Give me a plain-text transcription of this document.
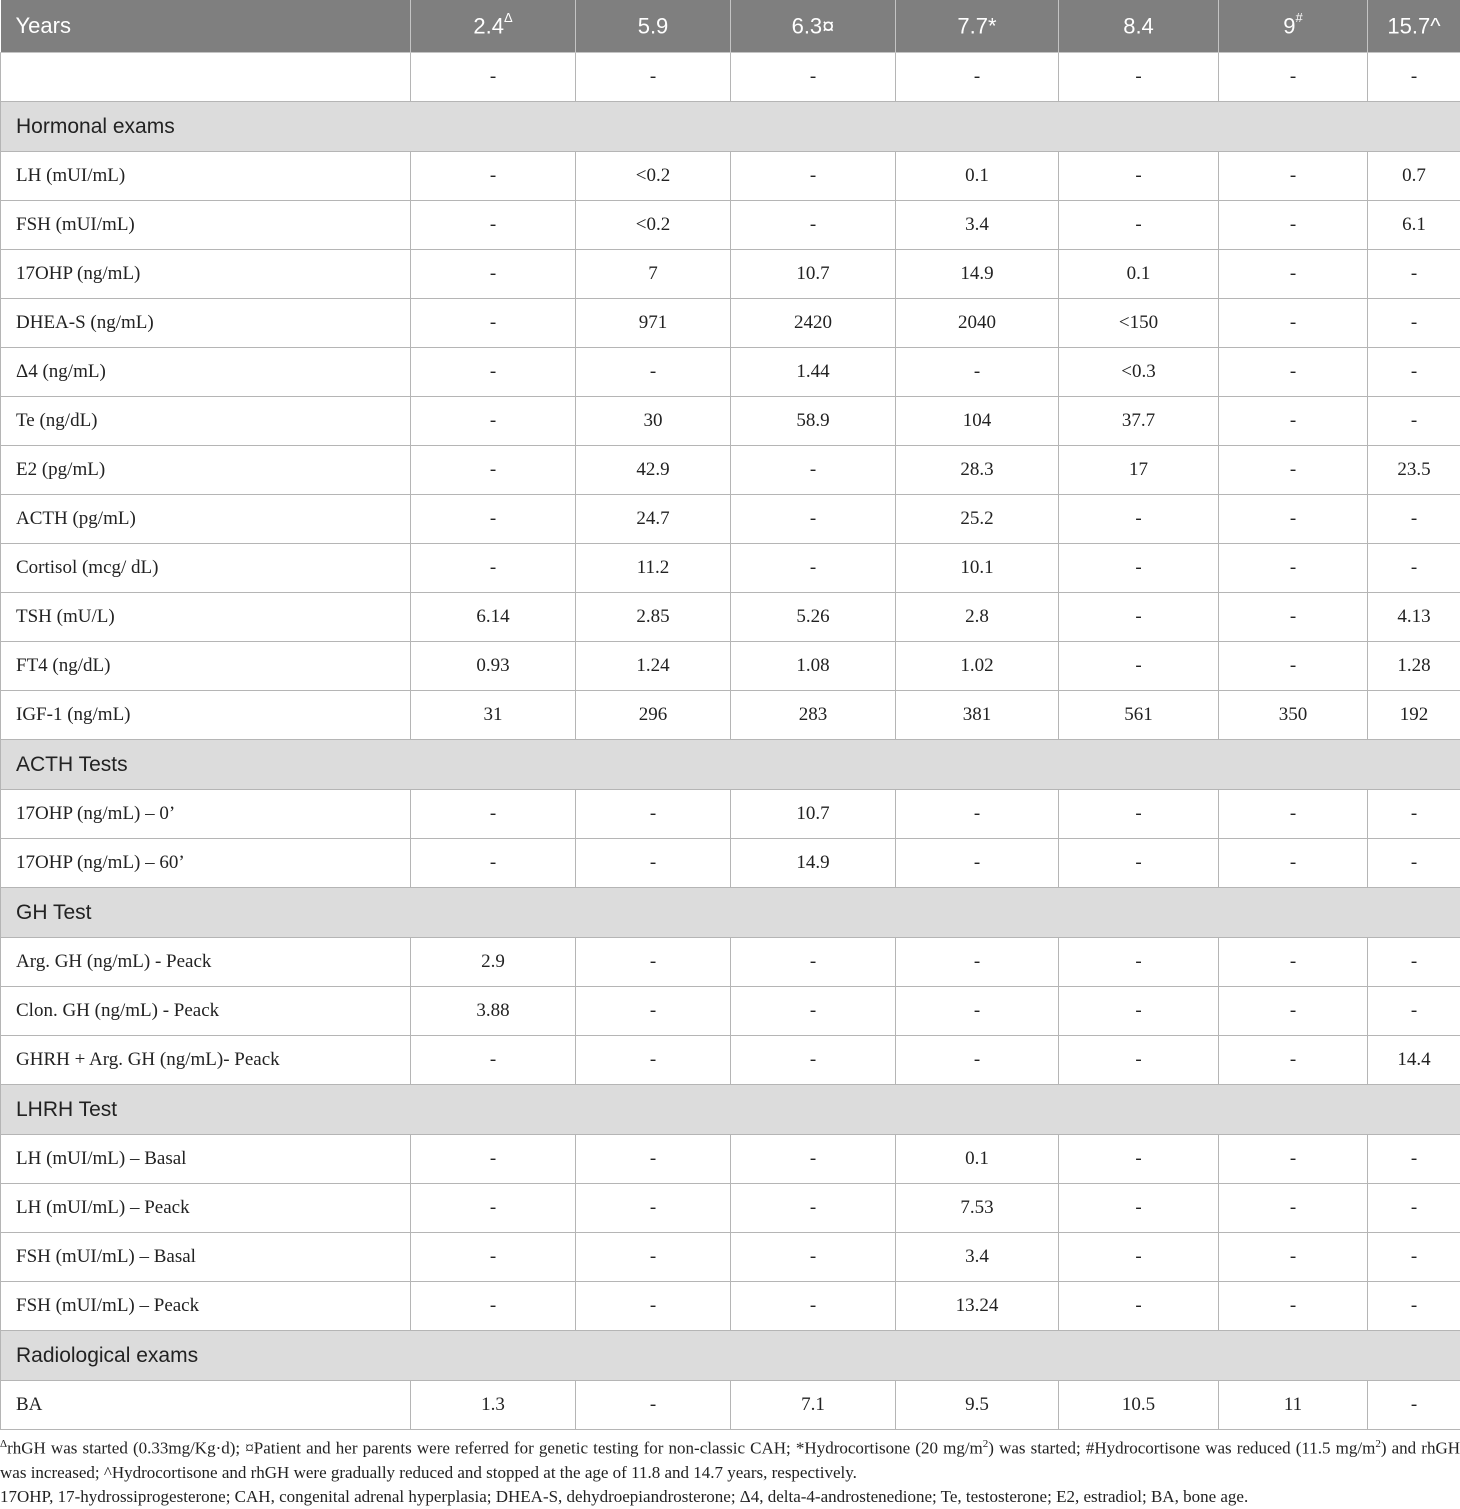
Years	$2.4^\Delta$	5.9	6.3¤	7.7*	8.4	9#	15.7^
	-	-	-	-	-	-	-
Hormonal exams							
LH (mUI/mL)	-	<0.2	-	0.1	-	-	0.7
FSH (mUI/mL)	-	<0.2	-	3.4	-	-	6.1
17OHP (ng/mL)	-	7	10.7	14.9	0.1	-	-
DHEA-S (ng/mL)	-	971	2420	2040	<150	-	-
Δ4 (ng/mL)	-	-	1.44	-	<0.3	-	-
Te (ng/dL)	-	30	58.9	104	37.7	-	-
E2 (pg/mL)	-	42.9	-	28.3	17	-	23.5
ACTH (pg/mL)	-	24.7	-	25.2	-	-	-
Cortisol (mcg/ dL)	-	11.2	-	10.1	-	-	-
TSH (mU/L)	6.14	2.85	5.26	2.8	-	-	4.13
FT4 (ng/dL)	0.93	1.24	1.08	1.02	-	-	1.28
IGF-1 (ng/mL)	31	296	283	381	561	350	192
ACTH Tests							
17OHP (ng/mL) – 0’	-	-	10.7	-	-	-	-
17OHP (ng/mL) – 60’	-	-	14.9	-	-	-	-
GH Test							
Arg. GH (ng/mL) - Peack	2.9	-	-	-	-	-	-
Clon. GH (ng/mL) - Peack	3.88	-	-	-	-	-	-
GHRH + Arg. GH (ng/mL)- Peack	-	-	-	-	-	-	14.4
LHRH Test							
LH (mUI/mL) – Basal	-	-	-	0.1	-	-	-
LH (mUI/mL) – Peack	-	-	-	7.53	-	-	-
FSH (mUI/mL) – Basal	-	-	-	3.4	-	-	-
FSH (mUI/mL) – Peack	-	-	-	13.24	-	-	-
Radiological exams							
BA	1.3	-	7.1	9.5	10.5	11	-

$^\Delta$rhGH was started (0.33mg/Kg·d); ¤Patient and her parents were referred for genetic testing for non-classic CAH; *Hydrocortisone (20 $mg/m^2$) was started; #Hydrocortisone was reduced (11.5 $mg/m^2$) and rhGH was increased; ^Hydrocortisone and rhGH were gradually reduced and stopped at the age of 11.8 and 14.7 years, respectively.

17OHP, 17-hydrossiprogesterone; CAH, congenital adrenal hyperplasia; DHEA-S, dehydroepiandrosterone; Δ4, delta-4-androstenedione; Te, testosterone; E2, estradiol; BA, bone age.
